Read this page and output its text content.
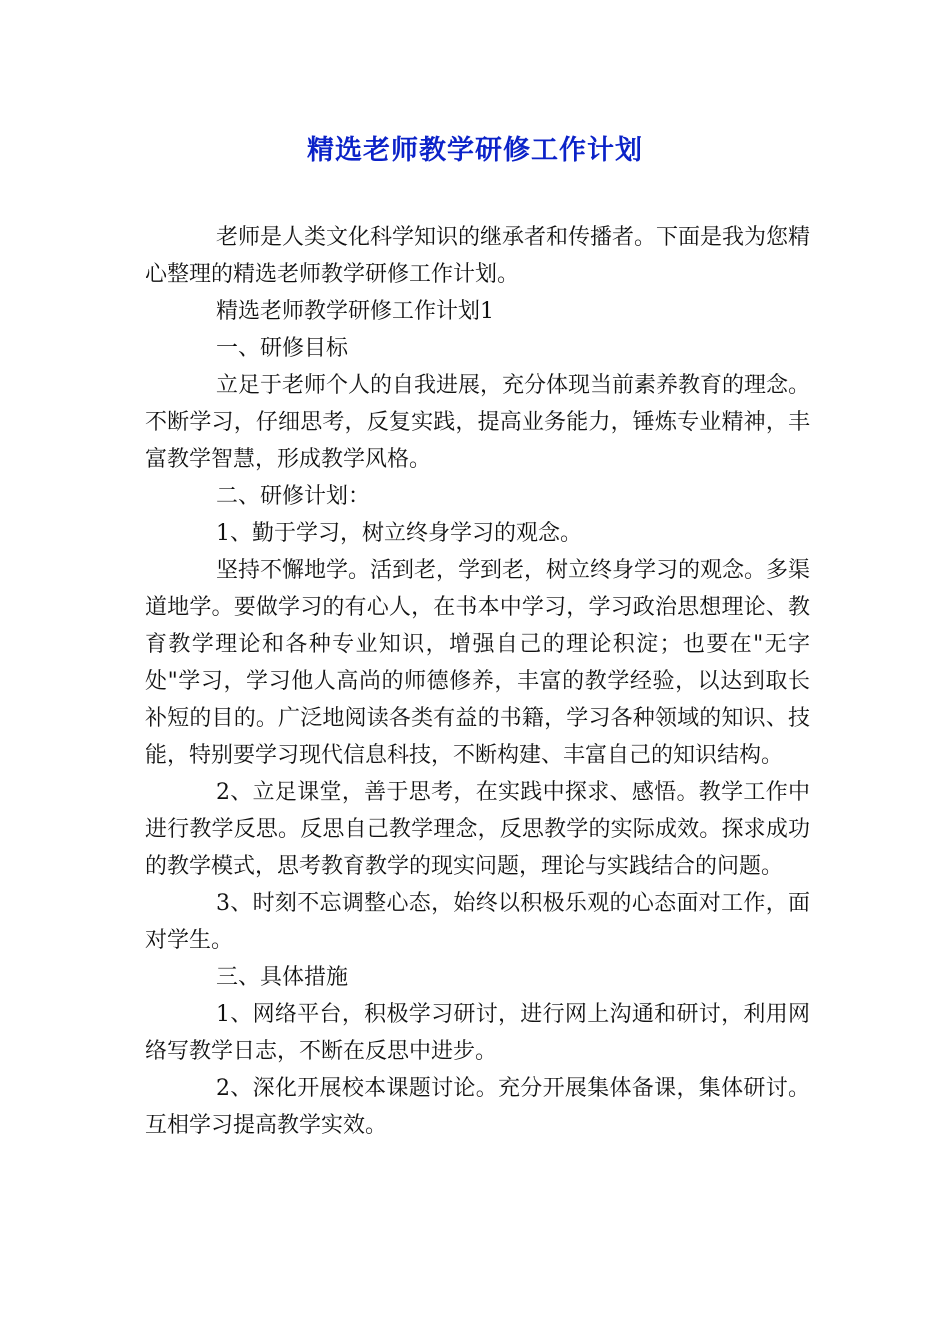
精选老师教学研修工作计划

老师是人类文化科学知识的继承者和传播者。下面是我为您精心整理的精选老师教学研修工作计划。

精选老师教学研修工作计划1

一、研修目标

立足于老师个人的自我进展，充分体现当前素养教育的理念。不断学习，仔细思考，反复实践，提高业务能力，锤炼专业精神，丰富教学智慧，形成教学风格。

二、研修计划：

1、勤于学习，树立终身学习的观念。

坚持不懈地学。活到老，学到老，树立终身学习的观念。多渠道地学。要做学习的有心人，在书本中学习，学习政治思想理论、教育教学理论和各种专业知识，增强自己的理论积淀；也要在"无字处"学习，学习他人高尚的师德修养，丰富的教学经验，以达到取长补短的目的。广泛地阅读各类有益的书籍，学习各种领域的知识、技能，特别要学习现代信息科技，不断构建、丰富自己的知识结构。

2、立足课堂，善于思考，在实践中探求、感悟。教学工作中进行教学反思。反思自己教学理念，反思教学的实际成效。探求成功的教学模式，思考教育教学的现实问题，理论与实践结合的问题。

3、时刻不忘调整心态，始终以积极乐观的心态面对工作，面对学生。

三、具体措施

1、网络平台，积极学习研讨，进行网上沟通和研讨，利用网络写教学日志，不断在反思中进步。

2、深化开展校本课题讨论。充分开展集体备课，集体研讨。互相学习提高教学实效。
